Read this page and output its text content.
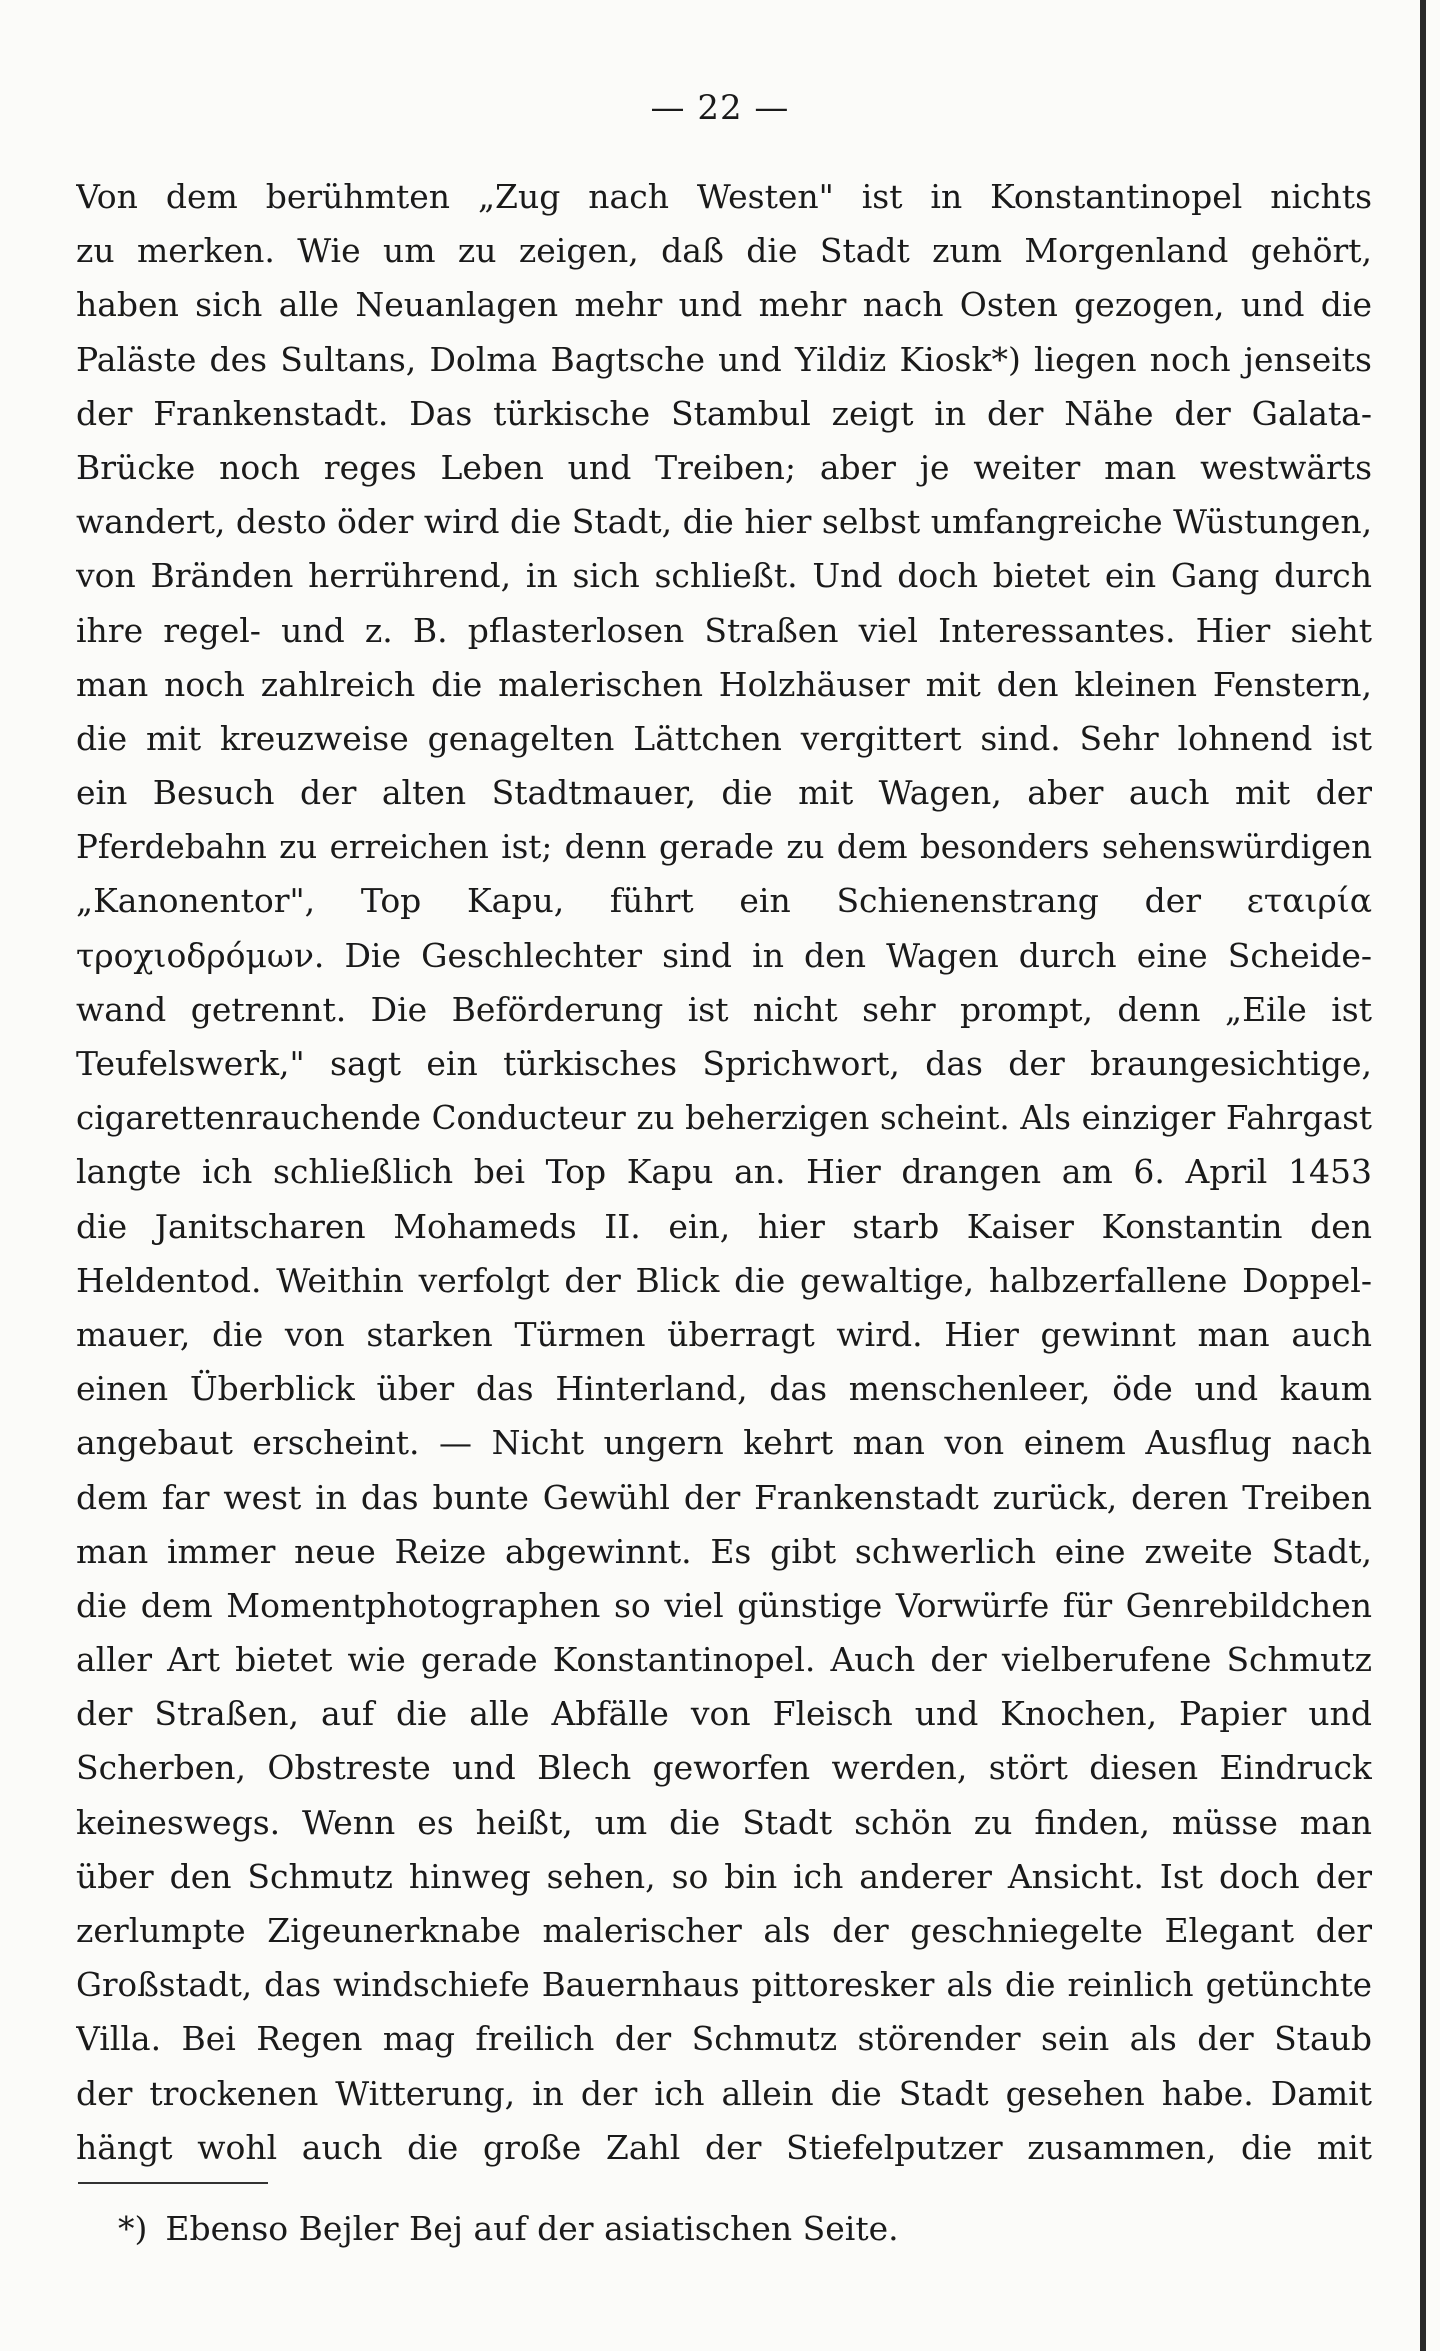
— 22 —
Von dem berühmten „Zug nach Westen" ist in Konstantinopel nichts
zu merken. Wie um zu zeigen, daß die Stadt zum Morgenland gehört,
haben sich alle Neuanlagen mehr und mehr nach Osten gezogen, und die
Paläste des Sultans, Dolma Bagtsche und Yildiz Kiosk*) liegen noch jenseits
der Frankenstadt. Das türkische Stambul zeigt in der Nähe der Galata-
Brücke noch reges Leben und Treiben; aber je weiter man westwärts
wandert, desto öder wird die Stadt, die hier selbst umfangreiche Wüstungen,
von Bränden herrührend, in sich schließt. Und doch bietet ein Gang durch
ihre regel- und z. B. pflasterlosen Straßen viel Interessantes. Hier sieht
man noch zahlreich die malerischen Holzhäuser mit den kleinen Fenstern,
die mit kreuzweise genagelten Lättchen vergittert sind. Sehr lohnend ist
ein Besuch der alten Stadtmauer, die mit Wagen, aber auch mit der
Pferdebahn zu erreichen ist; denn gerade zu dem besonders sehenswürdigen
„Kanonentor", Top Kapu, führt ein Schienenstrang der εταιρία
τροχιοδρόμων. Die Geschlechter sind in den Wagen durch eine Scheide-
wand getrennt. Die Beförderung ist nicht sehr prompt, denn „Eile ist
Teufelswerk," sagt ein türkisches Sprichwort, das der braungesichtige,
cigarettenrauchende Conducteur zu beherzigen scheint. Als einziger Fahrgast
langte ich schließlich bei Top Kapu an. Hier drangen am 6. April 1453
die Janitscharen Mohameds II. ein, hier starb Kaiser Konstantin den
Heldentod. Weithin verfolgt der Blick die gewaltige, halbzerfallene Doppel-
mauer, die von starken Türmen überragt wird. Hier gewinnt man auch
einen Überblick über das Hinterland, das menschenleer, öde und kaum
angebaut erscheint. — Nicht ungern kehrt man von einem Ausflug nach
dem far west in das bunte Gewühl der Frankenstadt zurück, deren Treiben
man immer neue Reize abgewinnt. Es gibt schwerlich eine zweite Stadt,
die dem Momentphotographen so viel günstige Vorwürfe für Genrebildchen
aller Art bietet wie gerade Konstantinopel. Auch der vielberufene Schmutz
der Straßen, auf die alle Abfälle von Fleisch und Knochen, Papier und
Scherben, Obstreste und Blech geworfen werden, stört diesen Eindruck
keineswegs. Wenn es heißt, um die Stadt schön zu finden, müsse man
über den Schmutz hinweg sehen, so bin ich anderer Ansicht. Ist doch der
zerlumpte Zigeunerknabe malerischer als der geschniegelte Elegant der
Großstadt, das windschiefe Bauernhaus pittoresker als die reinlich getünchte
Villa. Bei Regen mag freilich der Schmutz störender sein als der Staub
der trockenen Witterung, in der ich allein die Stadt gesehen habe. Damit
hängt wohl auch die große Zahl der Stiefelputzer zusammen, die mit
*) Ebenso Bejler Bej auf der asiatischen Seite.
